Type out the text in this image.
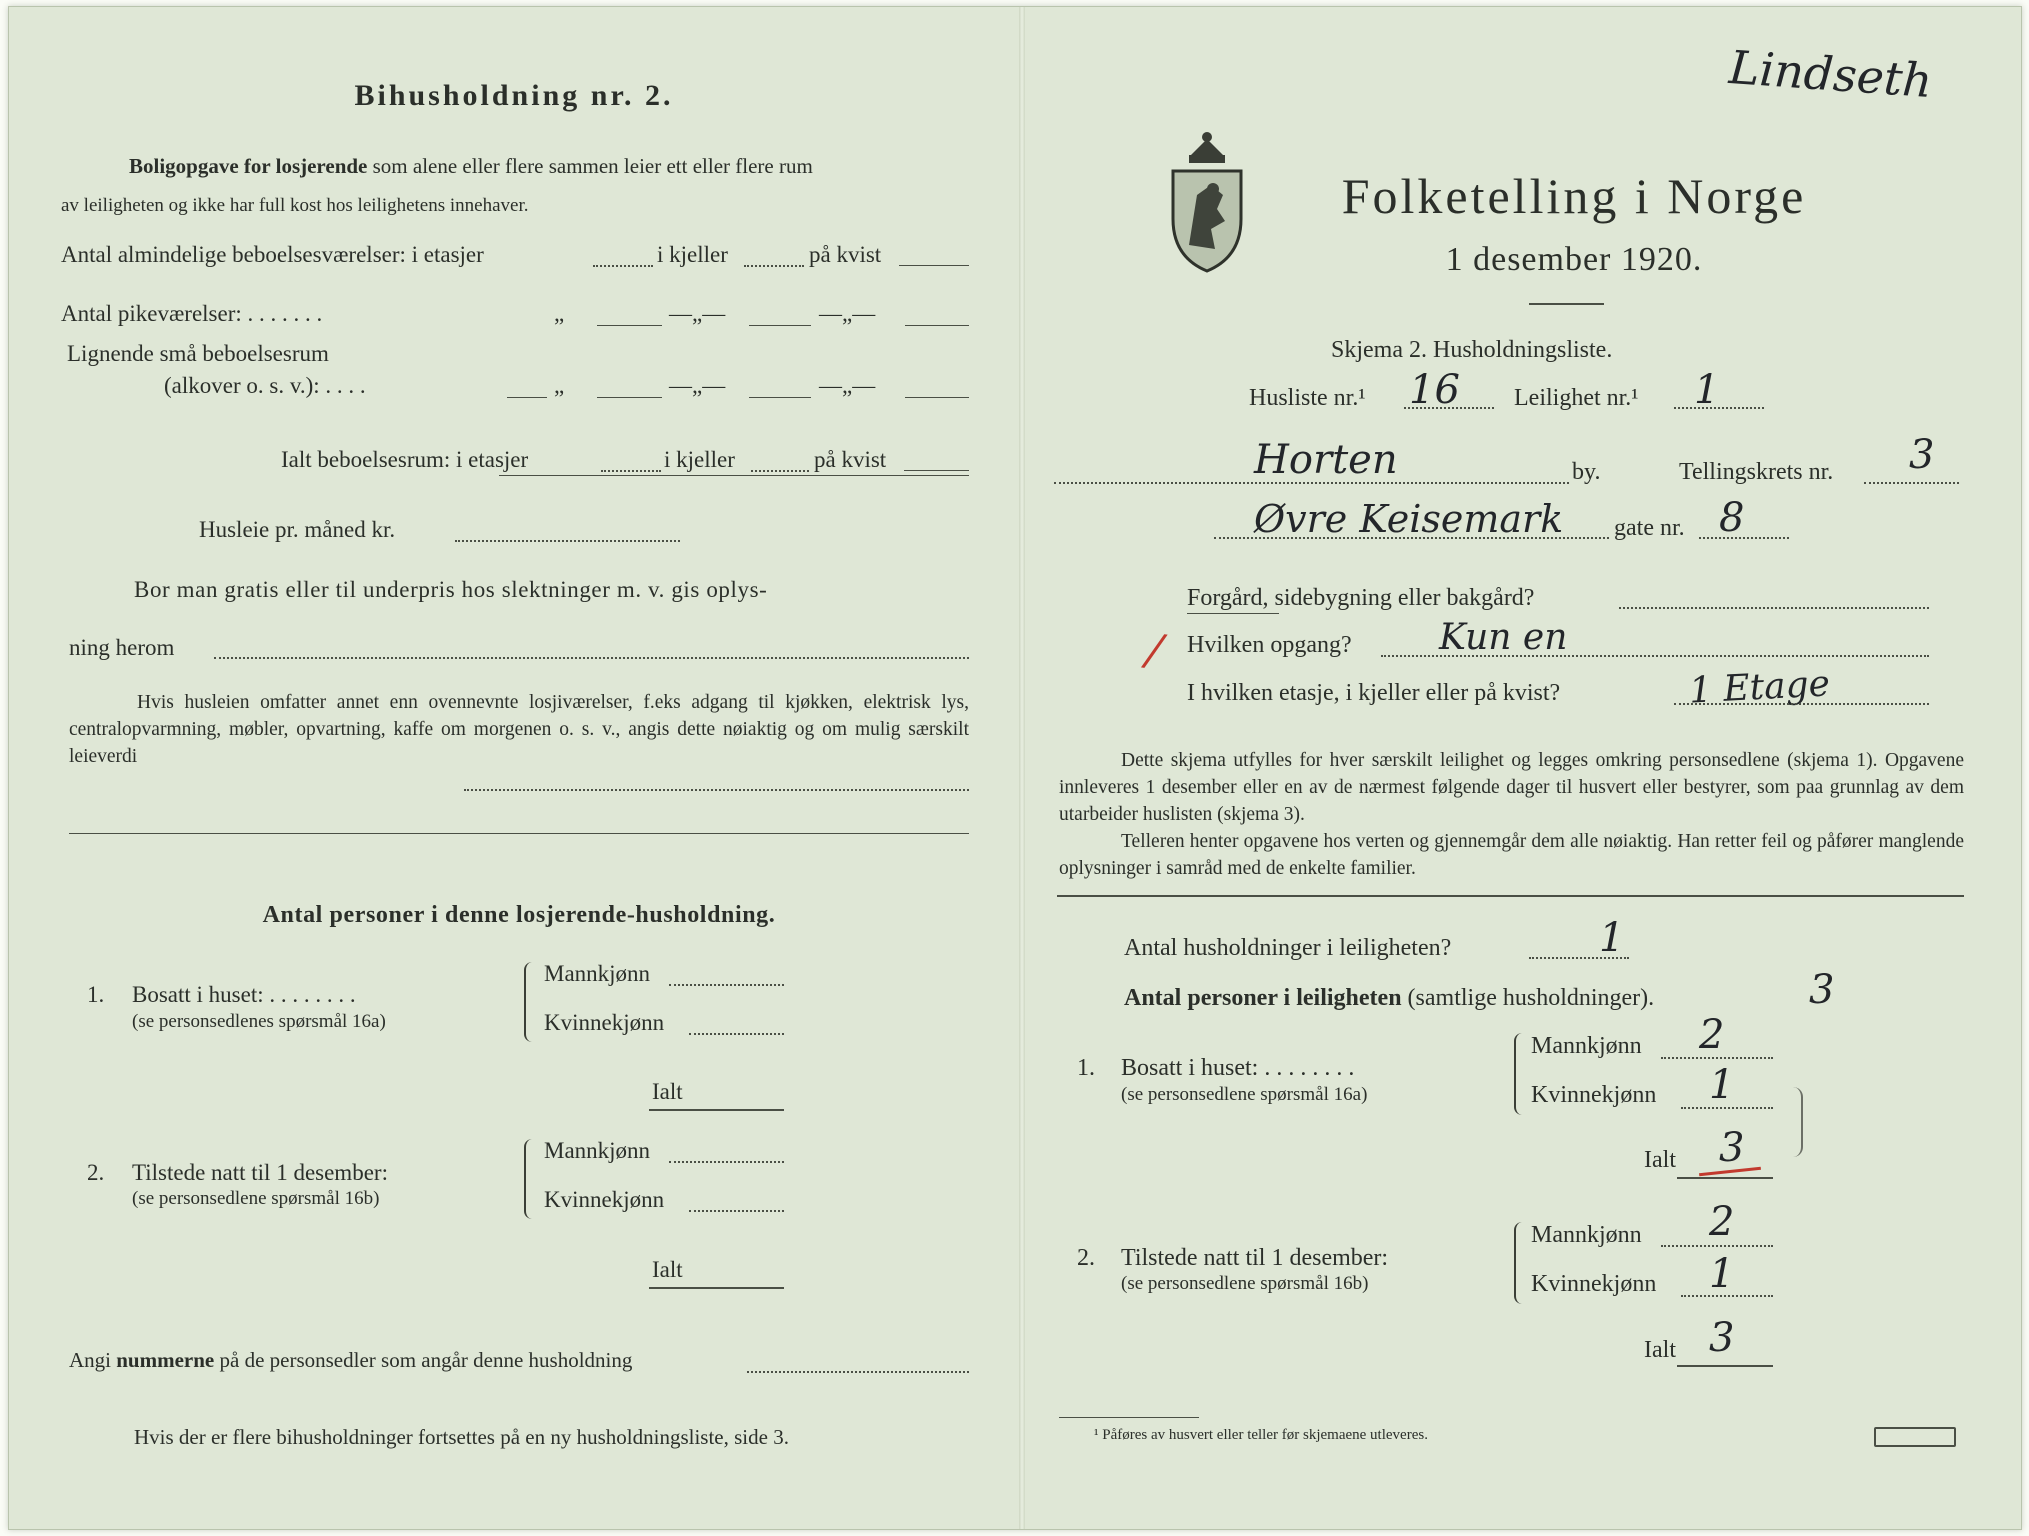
Bihusholdning nr. 2.
Boligopgave for losjerende som alene eller flere sammen leier ett eller flere rum
av leiligheten og ikke har full kost hos leilighetens innehaver.
Antal almindelige beboelsesværelser: i etasjer	i kjeller	på kvist
Antal pikeværelser: . . . . . . .	„	—„—	—„—
Lignende små beboelsesrum
(alkover o. s. v.): . . . .	„	—„—	—„—
Ialt beboelsesrum: i etasjer	i kjeller	på kvist
Husleie pr. måned kr.
Bor man gratis eller til underpris hos slektninger m. v. gis oplys-
ning herom
Hvis husleien omfatter annet enn ovennevnte losjiværelser, f.eks adgang til kjøkken, elektrisk lys, centralopvarmning, møbler, opvartning, kaffe om morgenen o. s. v., angis dette nøiaktig og om mulig særskilt leieverdi
Antal personer i denne losjerende-husholdning.
1. Bosatt i huset: . . . . . . . .
(se personsedlenes spørsmål 16a)
Mannkjønn
Kvinnekjønn
Ialt
2. Tilstede natt til 1 desember:
(se personsedlene spørsmål 16b)
Mannkjønn
Kvinnekjønn
Ialt
Angi nummerne på de personsedler som angår denne husholdning
Hvis der er flere bihusholdninger fortsettes på en ny husholdningsliste, side 3.
Lindseth
Folketelling i Norge
1 desember 1920.
Skjema 2. Husholdningsliste.
Husliste nr.¹ 16 Leilighet nr.¹ 1
Horten	by.	Tellingskrets nr. 3
Øvre Keisemark gate nr. 8
Forgård, sidebygning eller bakgård?
/ Hvilken opgang? Kun en
I hvilken etasje, i kjeller eller på kvist?	1 Etage
Dette skjema utfylles for hver særskilt leilighet og legges omkring personsedlene (skjema 1). Opgavene innleveres 1 desember eller en av de nærmest følgende dager til husvert eller bestyrer, som paa grunnlag av dem utarbeider huslisten (skjema 3).
Telleren henter opgavene hos verten og gjennemgår dem alle nøiaktig. Han retter feil og påfører manglende oplysninger i samråd med de enkelte familier.
Antal husholdninger i leiligheten?	1
Antal personer i leiligheten (samtlige husholdninger).	3
1. Bosatt i huset: . . . . . . . .
(se personsedlene spørsmål 16a)
Mannkjønn 2
Kvinnekjønn 1
Ialt 3
2. Tilstede natt til 1 desember:
(se personsedlene spørsmål 16b)
Mannkjønn 2
Kvinnekjønn 1
Ialt 3
¹ Påføres av husvert eller teller før skjemaene utleveres.
